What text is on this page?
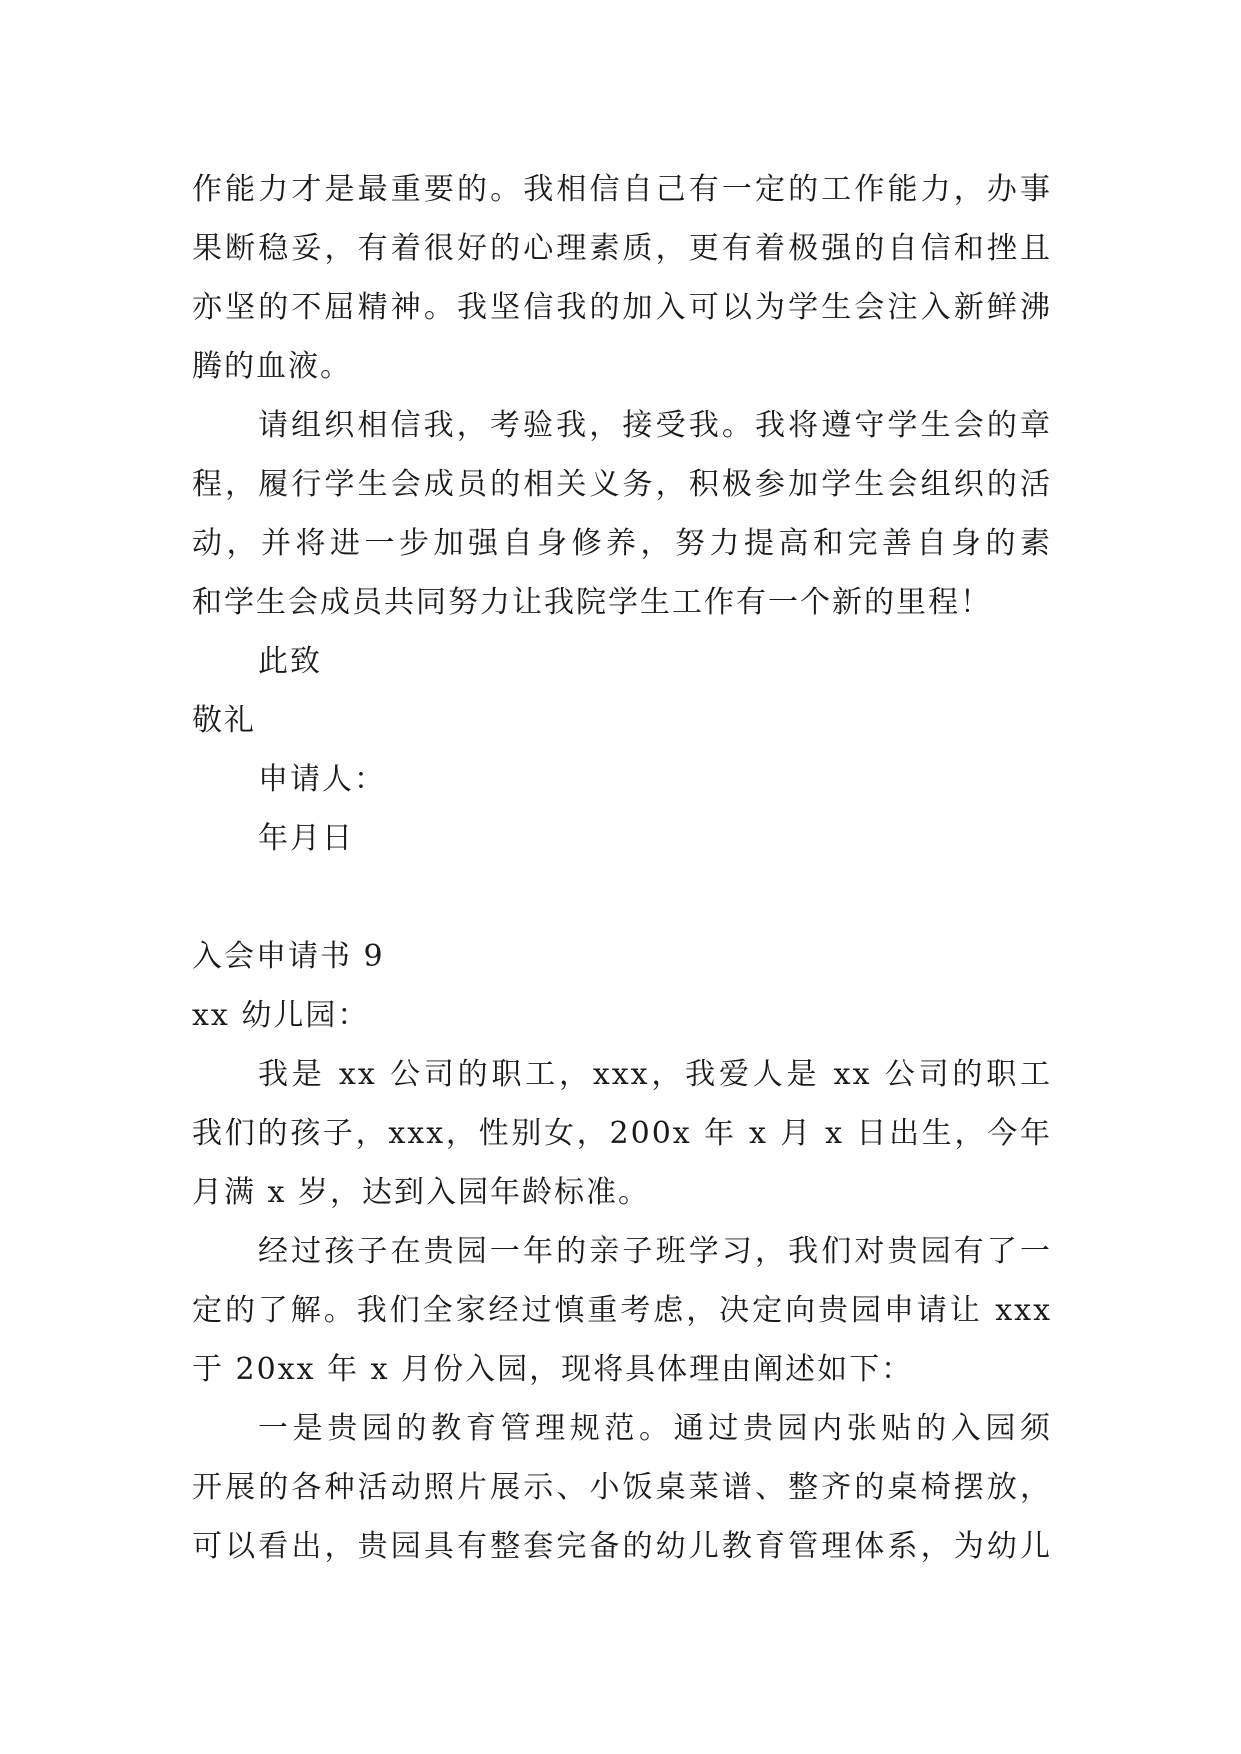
作能力才是最重要的。我相信自己有一定的工作能力，办事
果断稳妥，有着很好的心理素质，更有着极强的自信和挫且
亦坚的不屈精神。我坚信我的加入可以为学生会注入新鲜沸
腾的血液。
请组织相信我，考验我，接受我。我将遵守学生会的章
程，履行学生会成员的相关义务，积极参加学生会组织的活
动，并将进一步加强自身修养，努力提高和完善自身的素
和学生会成员共同努力让我院学生工作有一个新的里程！
此致
敬礼
申请人：
年月日
入会申请书 9
xx 幼儿园：
我是 xx 公司的职工，xxx，我爱人是 xx 公司的职工
我们的孩子，xxx，性别女，200x 年 x 月 x 日出生，今年
月满 x 岁，达到入园年龄标准。
经过孩子在贵园一年的亲子班学习，我们对贵园有了一
定的了解。我们全家经过慎重考虑，决定向贵园申请让 xxx
于 20xx 年 x 月份入园，现将具体理由阐述如下：
一是贵园的教育管理规范。通过贵园内张贴的入园须
开展的各种活动照片展示、小饭桌菜谱、整齐的桌椅摆放，
可以看出，贵园具有整套完备的幼儿教育管理体系，为幼儿
